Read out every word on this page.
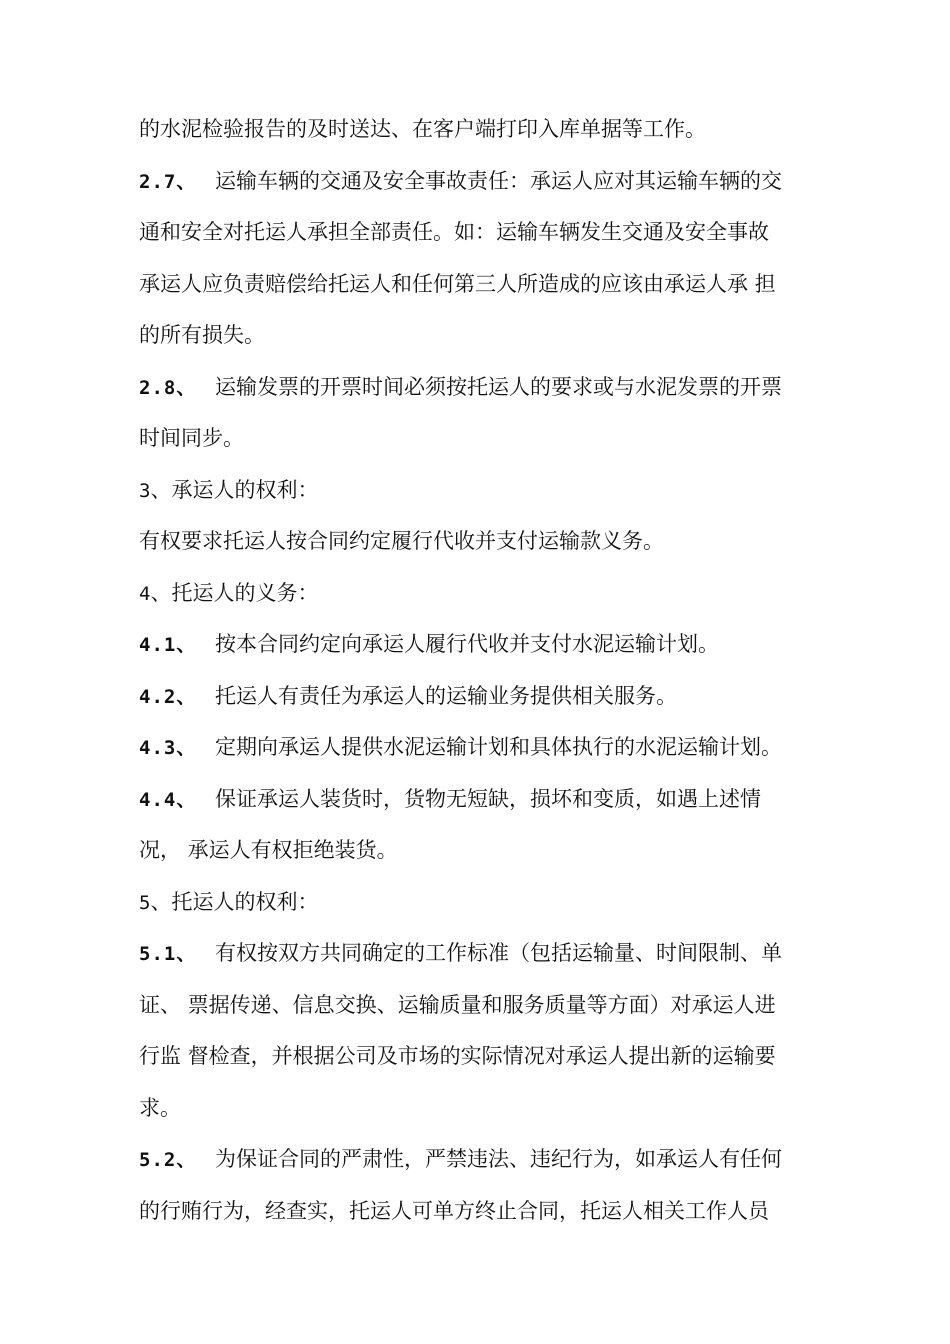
的水泥检验报告的及时送达、在客户端打印入库单据等工作。
2.7、 运输车辆的交通及安全事故责任：承运人应对其运输车辆的交
通和安全对托运人承担全部责任。如：运输车辆发生交通及安全事故
承运人应负责赔偿给托运人和任何第三人所造成的应该由承运人承 担
的所有损失。
2.8、 运输发票的开票时间必须按托运人的要求或与水泥发票的开票
时间同步。
3、承运人的权利：
有权要求托运人按合同约定履行代收并支付运输款义务。
4、托运人的义务：
4.1、 按本合同约定向承运人履行代收并支付水泥运输计划。
4.2、 托运人有责任为承运人的运输业务提供相关服务。
4.3、 定期向承运人提供水泥运输计划和具体执行的水泥运输计划。
4.4、 保证承运人装货时，货物无短缺，损坏和变质，如遇上述情
况， 承运人有权拒绝装货。
5、托运人的权利：
5.1、 有权按双方共同确定的工作标准（包括运输量、时间限制、单
证、 票据传递、信息交换、运输质量和服务质量等方面）对承运人进
行监 督检查，并根据公司及市场的实际情况对承运人提出新的运输要
求。
5.2、 为保证合同的严肃性，严禁违法、违纪行为，如承运人有任何
的行贿行为，经查实，托运人可单方终止合同，托运人相关工作人员
